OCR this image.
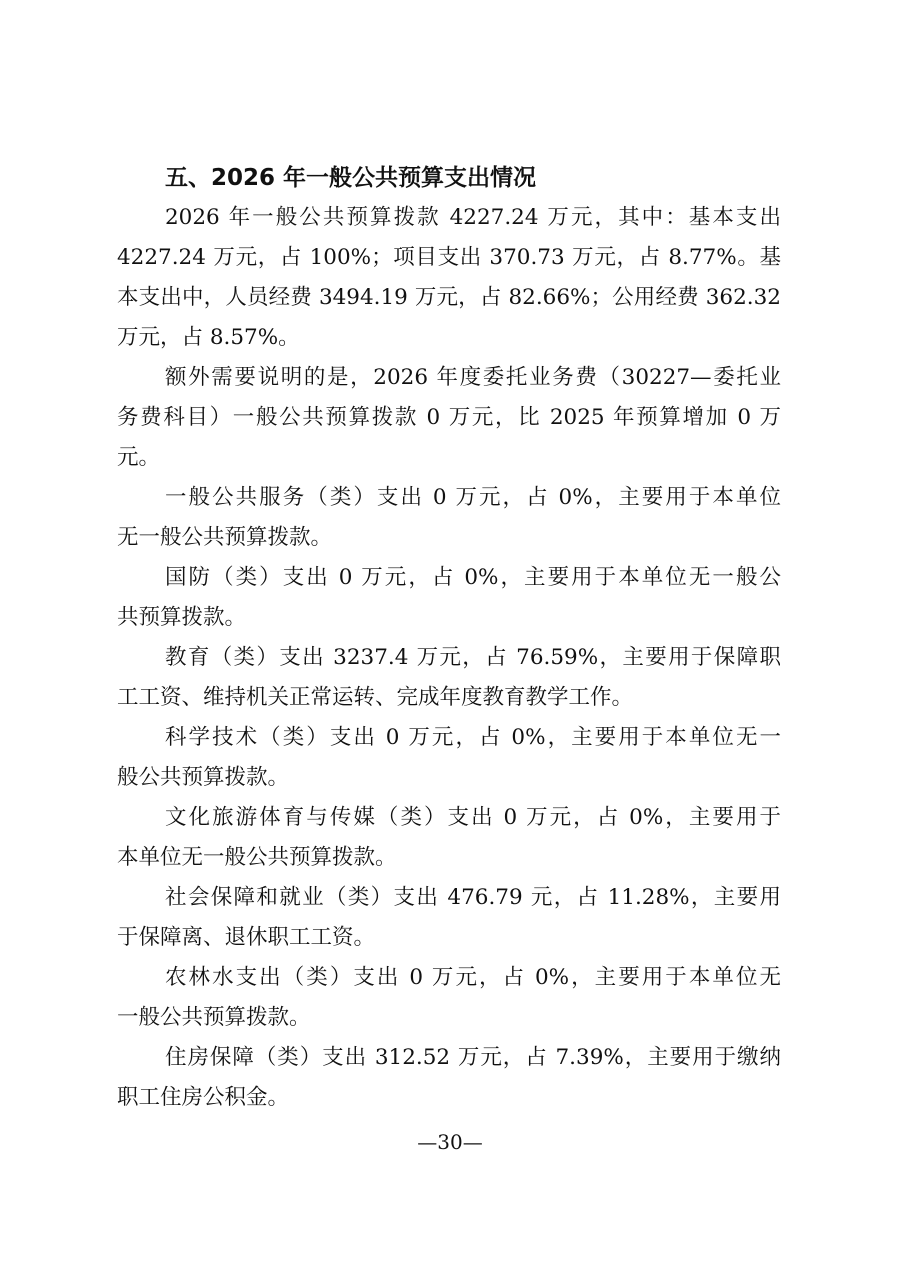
五、2026 年一般公共预算支出情况
2026 年一般公共预算拨款 4227.24 万元，其中：基本支出
4227.24 万元，占 100%；项目支出 370.73 万元，占 8.77%。基
本支出中，人员经费 3494.19 万元，占 82.66%；公用经费 362.32
万元，占 8.57%。
额外需要说明的是，2026 年度委托业务费（30227—委托业
务费科目）一般公共预算拨款 0 万元，比 2025 年预算增加 0 万
元。
一般公共服务（类）支出 0 万元，占 0%，主要用于本单位
无一般公共预算拨款。
国防（类）支出 0 万元，占 0%，主要用于本单位无一般公
共预算拨款。
教育（类）支出 3237.4 万元，占 76.59%，主要用于保障职
工工资、维持机关正常运转、完成年度教育教学工作。
科学技术（类）支出 0 万元，占 0%，主要用于本单位无一
般公共预算拨款。
文化旅游体育与传媒（类）支出 0 万元，占 0%，主要用于
本单位无一般公共预算拨款。
社会保障和就业（类）支出 476.79 元，占 11.28%，主要用
于保障离、退休职工工资。
农林水支出（类）支出 0 万元，占 0%，主要用于本单位无
一般公共预算拨款。
住房保障（类）支出 312.52 万元，占 7.39%，主要用于缴纳
职工住房公积金。
—30—
